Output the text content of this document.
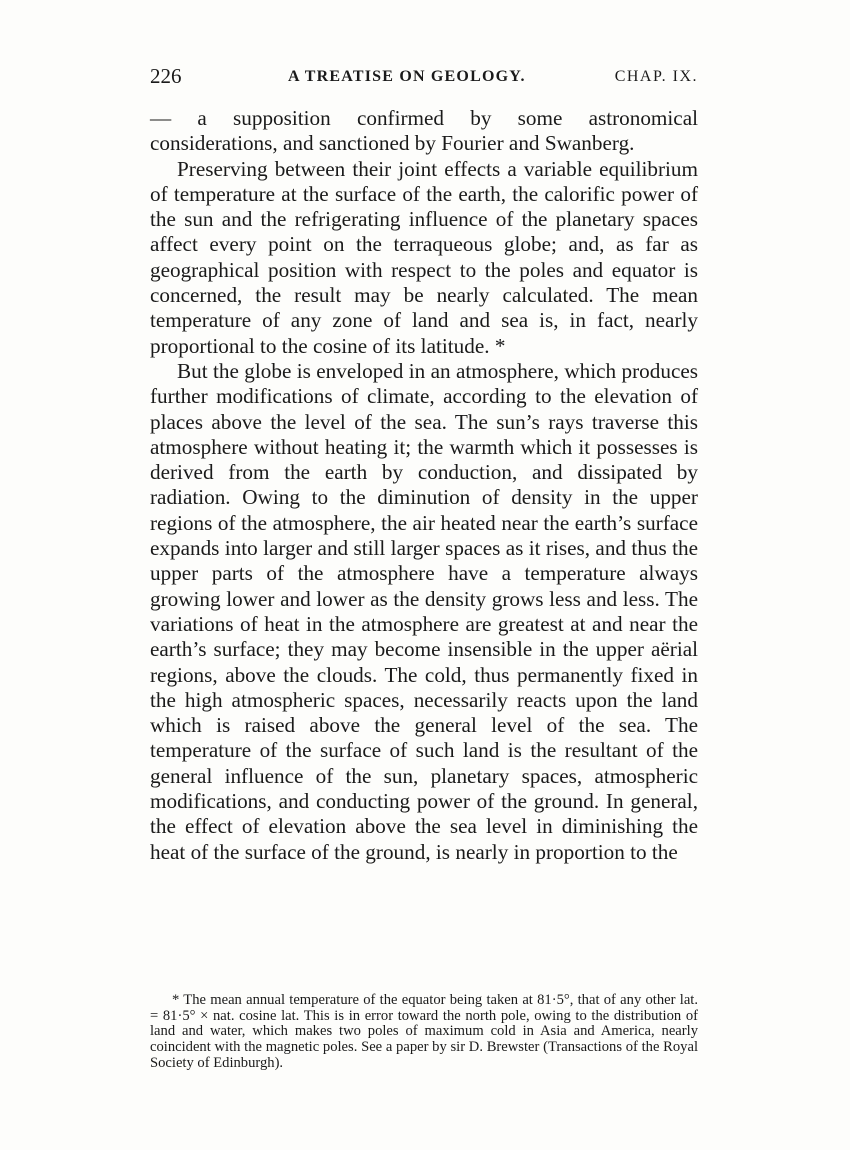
226	A TREATISE ON GEOLOGY.	CHAP. IX.

— a supposition confirmed by some astronomical considerations, and sanctioned by Fourier and Swanberg.

Preserving between their joint effects a variable equilibrium of temperature at the surface of the earth, the calorific power of the sun and the refrigerating influence of the planetary spaces affect every point on the terraqueous globe; and, as far as geographical position with respect to the poles and equator is concerned, the result may be nearly calculated. The mean temperature of any zone of land and sea is, in fact, nearly proportional to the cosine of its latitude. *

But the globe is enveloped in an atmosphere, which produces further modifications of climate, according to the elevation of places above the level of the sea. The sun’s rays traverse this atmosphere without heating it; the warmth which it possesses is derived from the earth by conduction, and dissipated by radiation. Owing to the diminution of density in the upper regions of the atmosphere, the air heated near the earth’s surface expands into larger and still larger spaces as it rises, and thus the upper parts of the atmosphere have a temperature always growing lower and lower as the density grows less and less. The variations of heat in the atmosphere are greatest at and near the earth’s surface; they may become insensible in the upper aërial regions, above the clouds. The cold, thus permanently fixed in the high atmospheric spaces, necessarily reacts upon the land which is raised above the general level of the sea. The temperature of the surface of such land is the resultant of the general influence of the sun, planetary spaces, atmospheric modifications, and conducting power of the ground. In general, the effect of elevation above the sea level in diminishing the heat of the surface of the ground, is nearly in proportion to the

* The mean annual temperature of the equator being taken at 81·5°, that of any other lat. = 81·5° × nat. cosine lat. This is in error toward the north pole, owing to the distribution of land and water, which makes two poles of maximum cold in Asia and America, nearly coincident with the magnetic poles. See a paper by sir D. Brewster (Transactions of the Royal Society of Edinburgh).
